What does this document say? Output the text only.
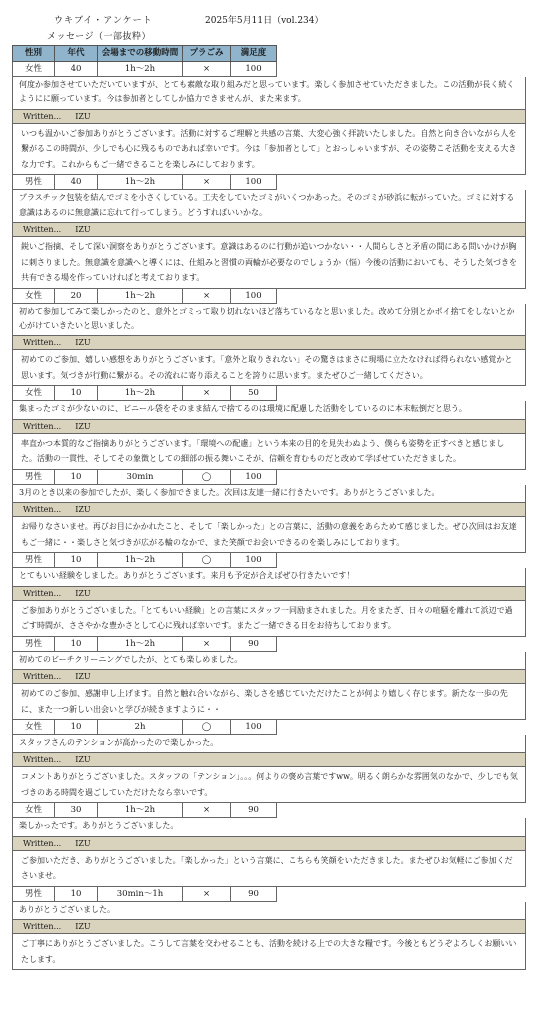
ウキブイ・アンケート	2025年5月11日（vol.234）
メッセージ（一部抜粋）
性別	年代	会場までの移動時間	プラごみ	満足度
女性	40	1h〜2h	×	100
何度か参加させていただいていますが、とても素敵な取り組みだと思っています。楽しく参加させていただきました。この活動が長く続くようにに願っています。今は参加者としてしか協力できませんが、また来ます。
Written... IZU
いつも温かいご参加ありがとうございます。活動に対するご理解と共感の言葉、大変心強く拝読いたしました。自然と向き合いながら人を繋がるこの時間が、少しでも心に残るものであれば幸いです。今は「参加者として」とおっしゃいますが、その姿勢こそ活動を支える大きな力です。これからもご一緒できることを楽しみにしております。
男性	40	1h〜2h	×	100
プラスチック包装を結んでゴミを小さくしている。工夫をしていたゴミがいくつかあった。そのゴミが砂浜に転がっていた。ゴミに対する意識はあるのに無意識に忘れて行ってしまう。どうすればいいかな。
Written... IZU
鋭いご指摘、そして深い洞察をありがとうございます。意識はあるのに行動が追いつかない・・人間らしさと矛盾の間にある問いかけが胸に刺さりました。無意識を意識へと導くには、仕組みと習慣の両輪が必要なのでしょうか（悩）今後の活動においても、そうした気づきを共有できる場を作っていければと考えております。
女性	20	1h〜2h	×	100
初めて参加してみて楽しかったのと、意外とゴミって取り切れないほど落ちているなと思いました。改めて分別とかポイ捨てをしないとか心がけていきたいと思いました。
Written... IZU
初めてのご参加、嬉しい感想をありがとうございます。「意外と取りきれない」その驚きはまさに現場に立たなければ得られない感覚かと思います。気づきが行動に繋がる。その流れに寄り添えることを誇りに思います。またぜひご一緒してください。
女性	10	1h〜2h	×	50
集まったゴミが少ないのに、ビニール袋をそのまま結んで捨てるのは環境に配慮した活動をしているのに本末転倒だと思う。
Written... IZU
率直かつ本質的なご指摘ありがとうございます。「環境への配慮」という本来の目的を見失わぬよう、僕らも姿勢を正すべきと感じました。活動の一貫性、そしてその象徴としての細部の振る舞いこそが、信頼を育むものだと改めて学ばせていただきました。
男性	10	30min	◯	100
3月のとき以来の参加でしたが、楽しく参加できました。次回は友達一緒に行きたいです。ありがとうございました。
Written... IZU
お帰りなさいませ。再びお目にかかれたこと、そして「楽しかった」との言葉に、活動の意義をあらためて感じました。ぜひ次回はお友達もご一緒に・・楽しさと気づきが広がる輪のなかで、また笑顔でお会いできるのを楽しみにしております。
男性	10	1h〜2h	◯	100
とてもいい経験をしました。ありがとうございます。来月も予定が合えばぜひ行きたいです！
Written... IZU
ご参加ありがとうございました。「とてもいい経験」との言葉にスタッフ一同励まされました。月をまたぎ、日々の喧騒を離れて浜辺で過ごす時間が、ささやかな豊かさとして心に残れば幸いです。またご一緒できる日をお待ちしております。
男性	10	1h〜2h	×	90
初めてのビーチクリーニングでしたが、とても楽しめました。
Written... IZU
初めてのご参加、感謝申し上げます。自然と触れ合いながら、楽しさを感じていただけたことが何より嬉しく存じます。新たな一歩の先に、また一つ新しい出会いと学びが続きますように・・
女性	10	2h	◯	100
スタッフさんのテンションが高かったので楽しかった。
Written... IZU
コメントありがとうございました。スタッフの「テンション」。。。何よりの褒め言葉ですww。明るく朗らかな雰囲気のなかで、少しでも気づきのある時間を過ごしていただけたなら幸いです。
女性	30	1h〜2h	×	90
楽しかったです。ありがとうございました。
Written... IZU
ご参加いただき、ありがとうございました。「楽しかった」という言葉に、こちらも笑顔をいただきました。またぜひお気軽にご参加くださいませ。
男性	10	30min〜1h	×	90
ありがとうございました。
Written... IZU
ご丁寧にありがとうございました。こうして言葉を交わせることも、活動を続ける上での大きな糧です。今後ともどうぞよろしくお願いいたします。
